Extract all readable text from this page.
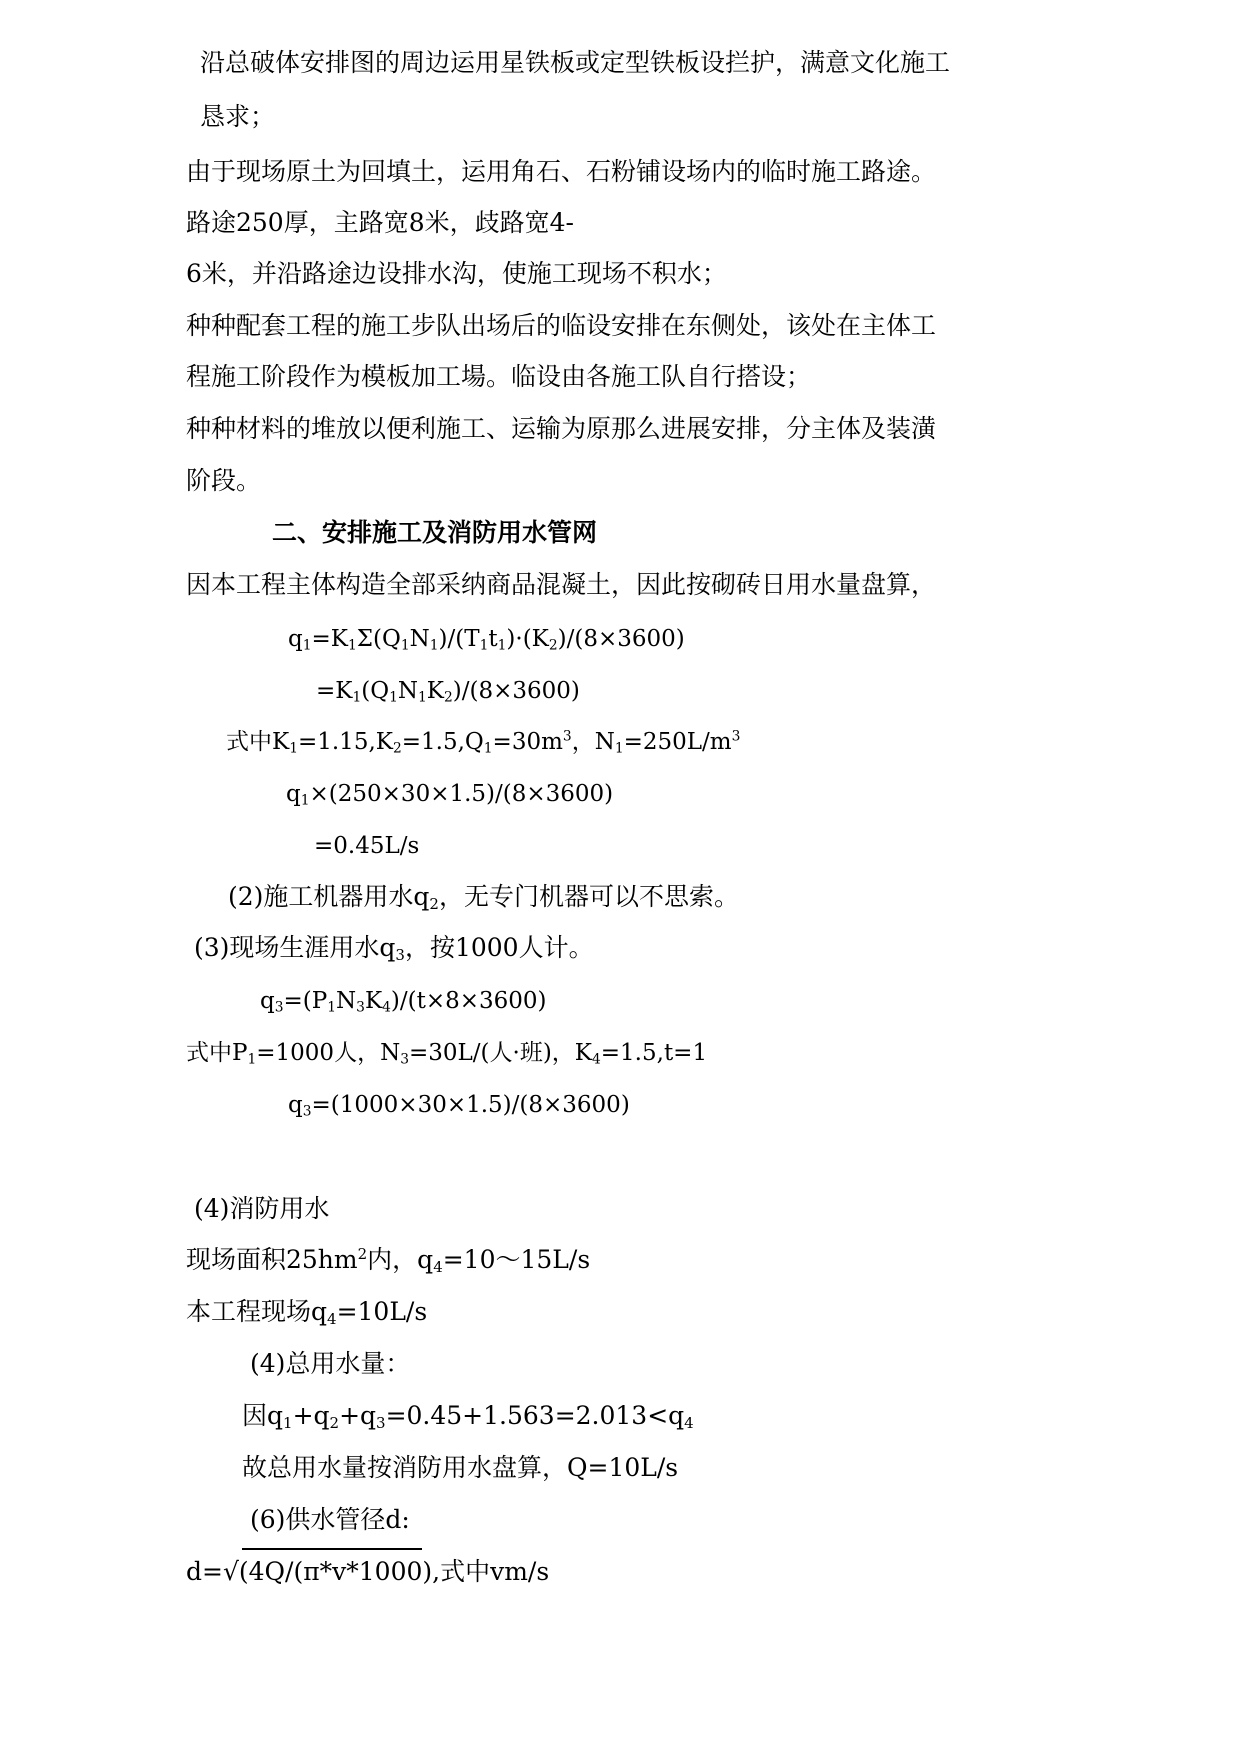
沿总破体安排图的周边运用星铁板或定型铁板设拦护，满意文化施工
恳求；
由于现场原土为回填土，运用角石、石粉铺设场内的临时施工路途。
路途250厚，主路宽8米，歧路宽4-
6米，并沿路途边设排水沟，使施工现场不积水；
种种配套工程的施工步队出场后的临设安排在东侧处，该处在主体工
程施工阶段作为模板加工場。临设由各施工队自行搭设；
种种材料的堆放以便利施工、运输为原那么进展安排，分主体及装潢
阶段。
二、安排施工及消防用水管网
因本工程主体构造全部采纳商品混凝土，因此按砌砖日用水量盘算，
$q_1=K_1\Sigma(Q_1N_1)/(T_1t_1)\cdot(K_2)/(8\times 3600)$
$=K_1(Q_1N_1K_2)/(8\times 3600)$
式中$K_1=1.15,K_2=1.5,Q_1=30m^3$，$N_1=250L/m^3$
$q_1\times(250\times 30\times 1.5)/(8\times 3600)$
=0.45L/s
(2)施工机器用水$q_2$，无专门机器可以不思索。
(3)现场生涯用水$q_3$，按1000人计。
$q_3=(P_1N_3K_4)/(t\times 8\times 3600)$
式中$P_1=1000$人，$N_3=30L/$(人·班)，$K_4=1.5,t=1$
$q_3=(1000\times 30\times 1.5)/(8\times 3600)$
(4)消防用水
现场面积$25hm^2$内，$q_4=10\sim 15L/s$
本工程现场$q_4=10L/s$
(4)总用水量：
因$q_1+q_2+q_3=0.45+1.563=2.013<q_4$
故总用水量按消防用水盘算，Q=10L/s
(6)供水管径d:
d=√(4Q/(π*v*1000),式中vm/s
